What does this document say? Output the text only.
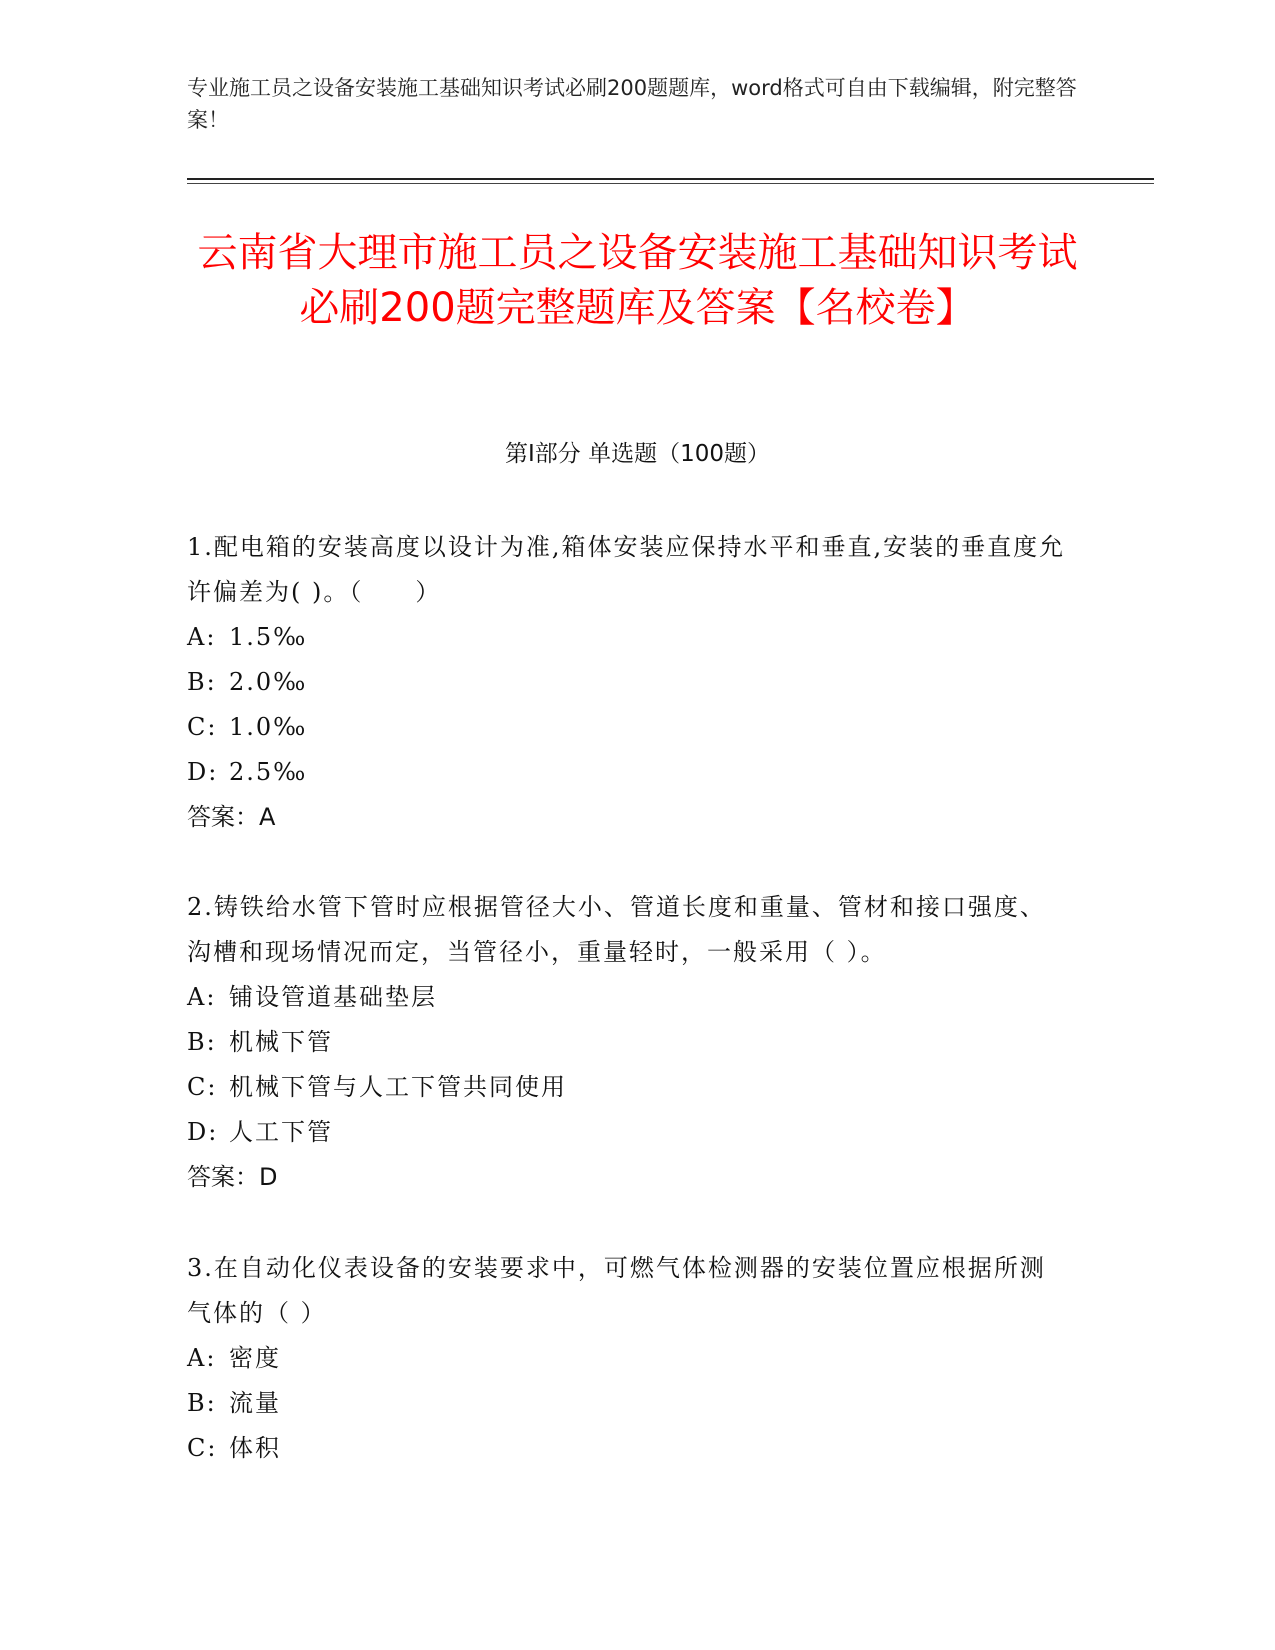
专业施工员之设备安装施工基础知识考试必刷200题题库，word格式可自由下载编辑，附完整答案！
云南省大理市施工员之设备安装施工基础知识考试必刷200题完整题库及答案【名校卷】
第Ⅰ部分 单选题（100题）
1.配电箱的安装高度以设计为准,箱体安装应保持水平和垂直,安装的垂直度允许偏差为( )。（　　）
A: 1.5‰
B: 2.0‰
C: 1.0‰
D: 2.5‰
答案：A
2.铸铁给水管下管时应根据管径大小、管道长度和重量、管材和接口强度、沟槽和现场情况而定，当管径小，重量轻时，一般采用（ ）。
A: 铺设管道基础垫层
B: 机械下管
C: 机械下管与人工下管共同使用
D: 人工下管
答案：D
3.在自动化仪表设备的安装要求中，可燃气体检测器的安装位置应根据所测气体的（ ）
A: 密度
B: 流量
C: 体积
